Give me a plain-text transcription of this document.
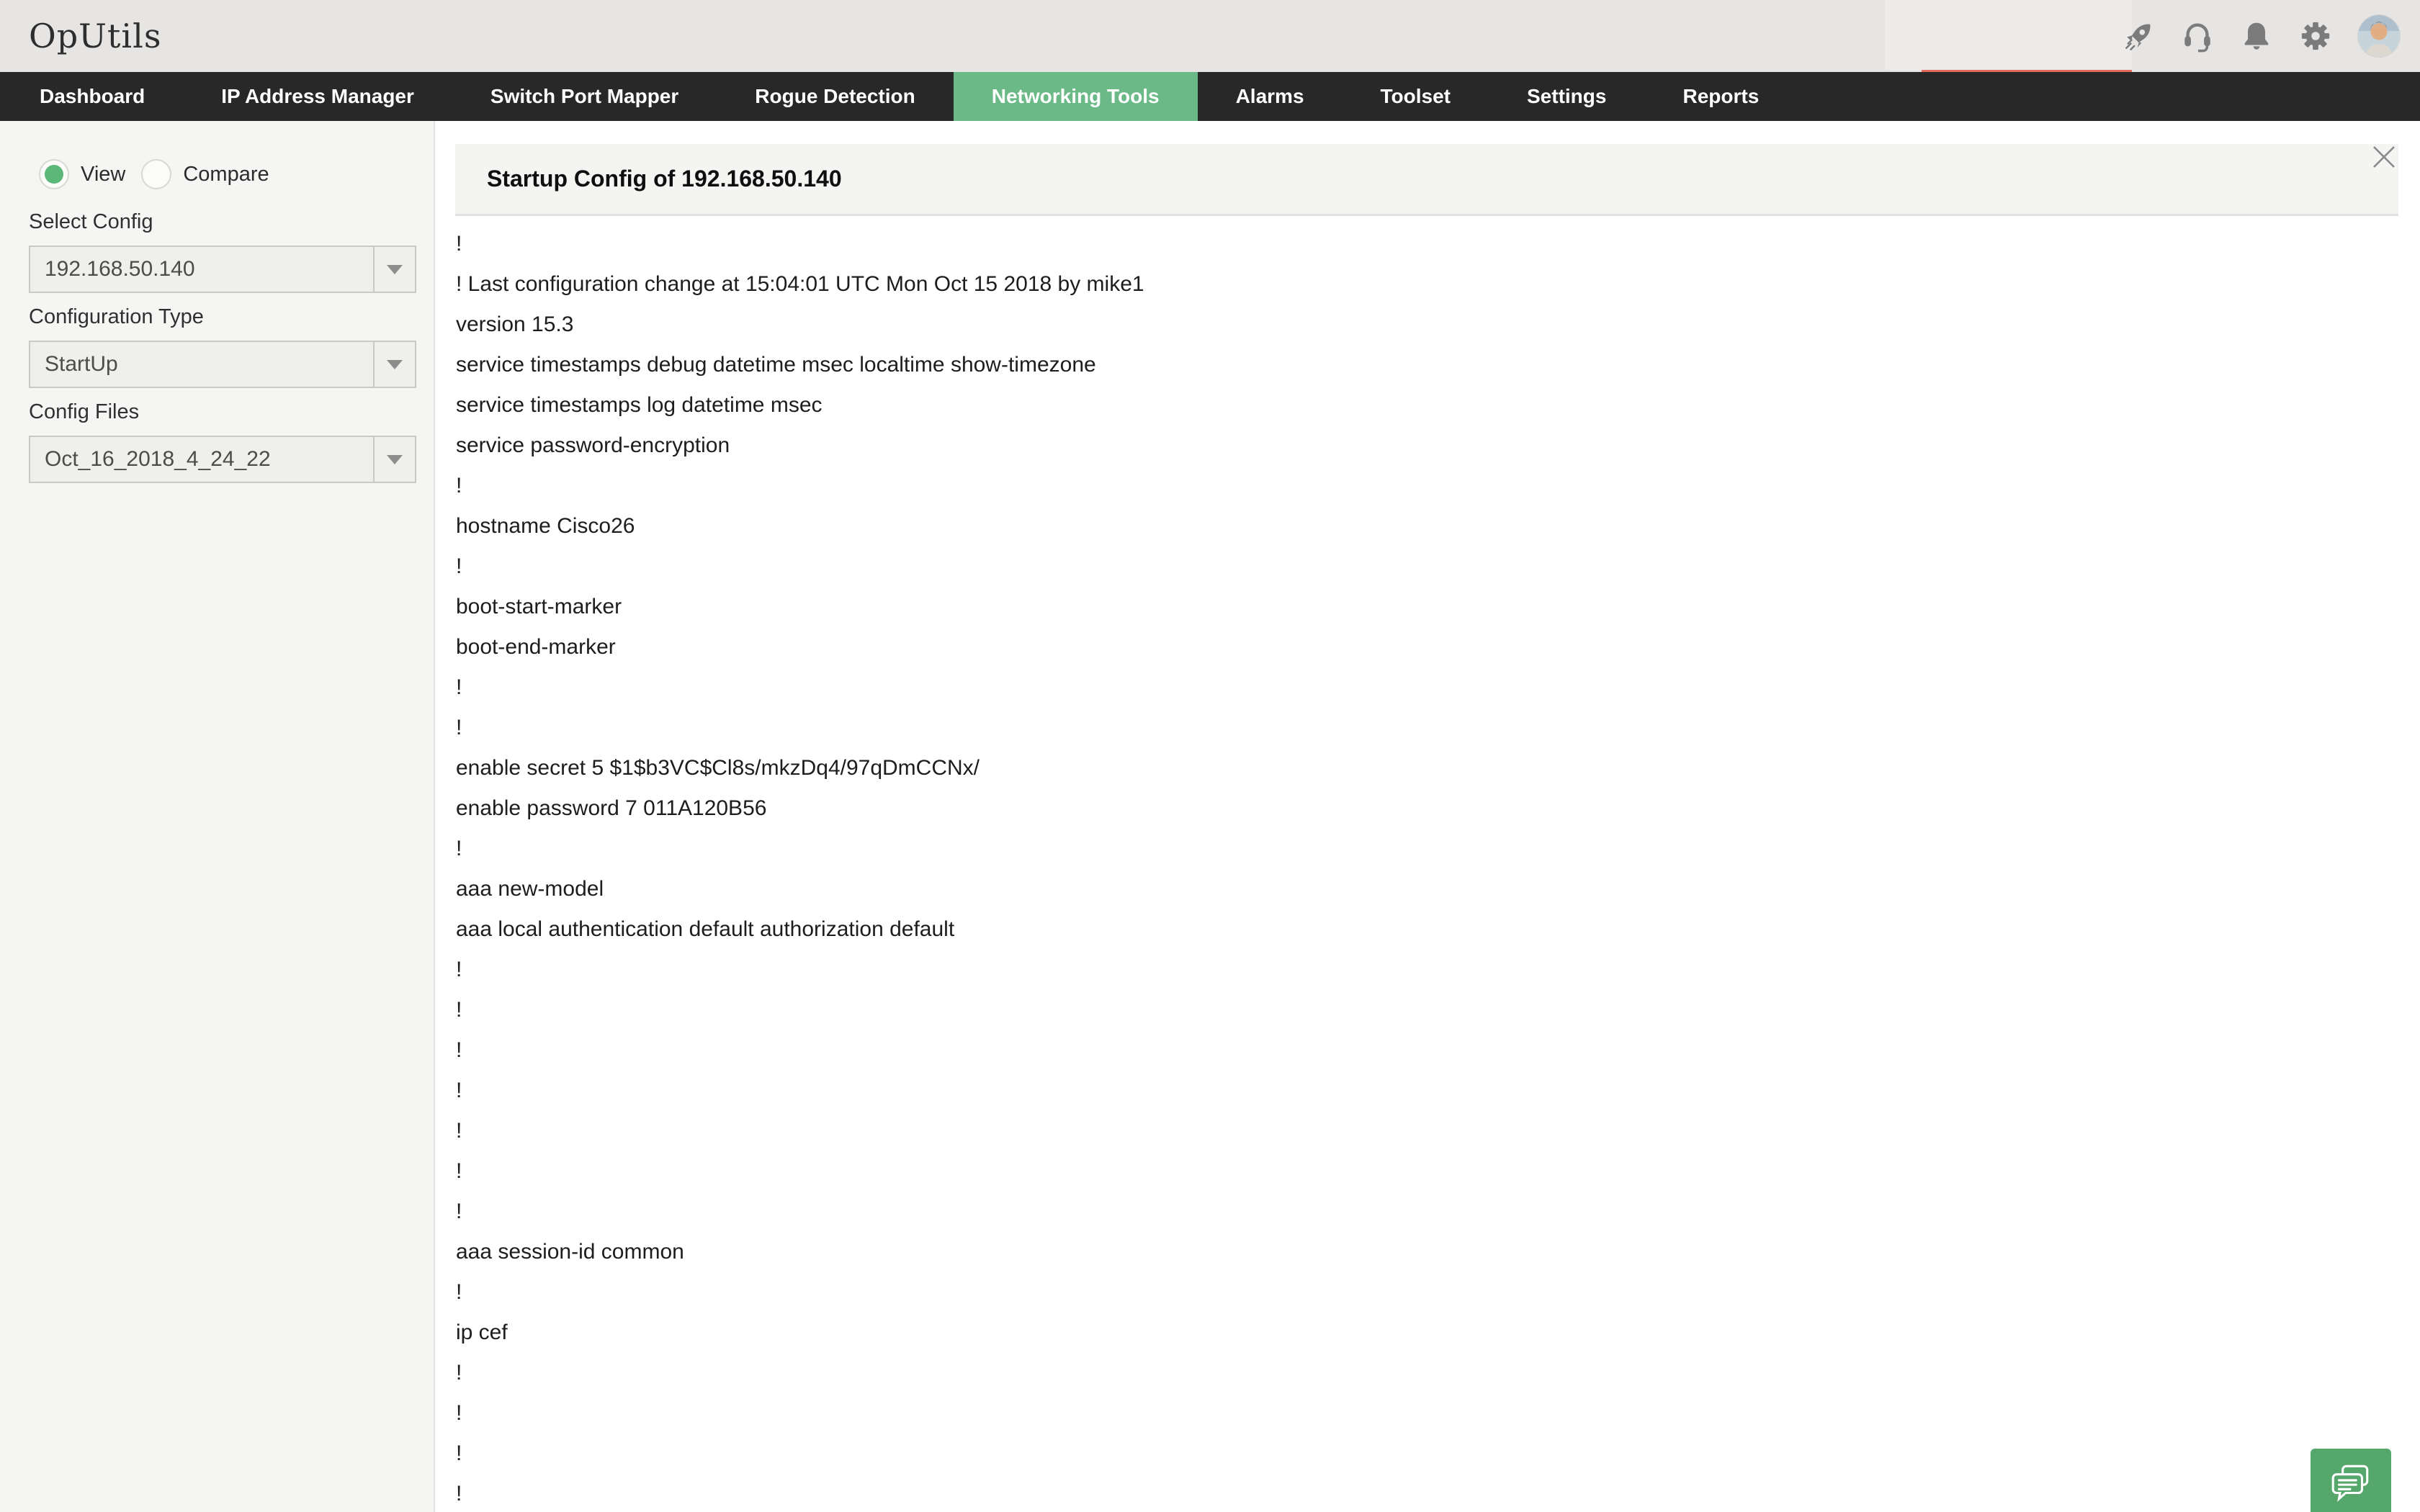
OpUtils
Dashboard	IP Address Manager	Switch Port Mapper	Rogue Detection	Networking Tools	Alarms	Toolset	Settings	Reports
View	Compare
Select Config
192.168.50.140
Configuration Type
StartUp
Config Files
Oct_16_2018_4_24_22
Startup Config of 192.168.50.140
!
! Last configuration change at 15:04:01 UTC Mon Oct 15 2018 by mike1
version 15.3
service timestamps debug datetime msec localtime show-timezone
service timestamps log datetime msec
service password-encryption
!
hostname Cisco26
!
boot-start-marker
boot-end-marker
!
!
enable secret 5 $1$b3VC$Cl8s/mkzDq4/97qDmCCNx/
enable password 7 011A120B56
!
aaa new-model
aaa local authentication default authorization default
!
!
!
!
!
!
!
aaa session-id common
!
ip cef
!
!
!
!
